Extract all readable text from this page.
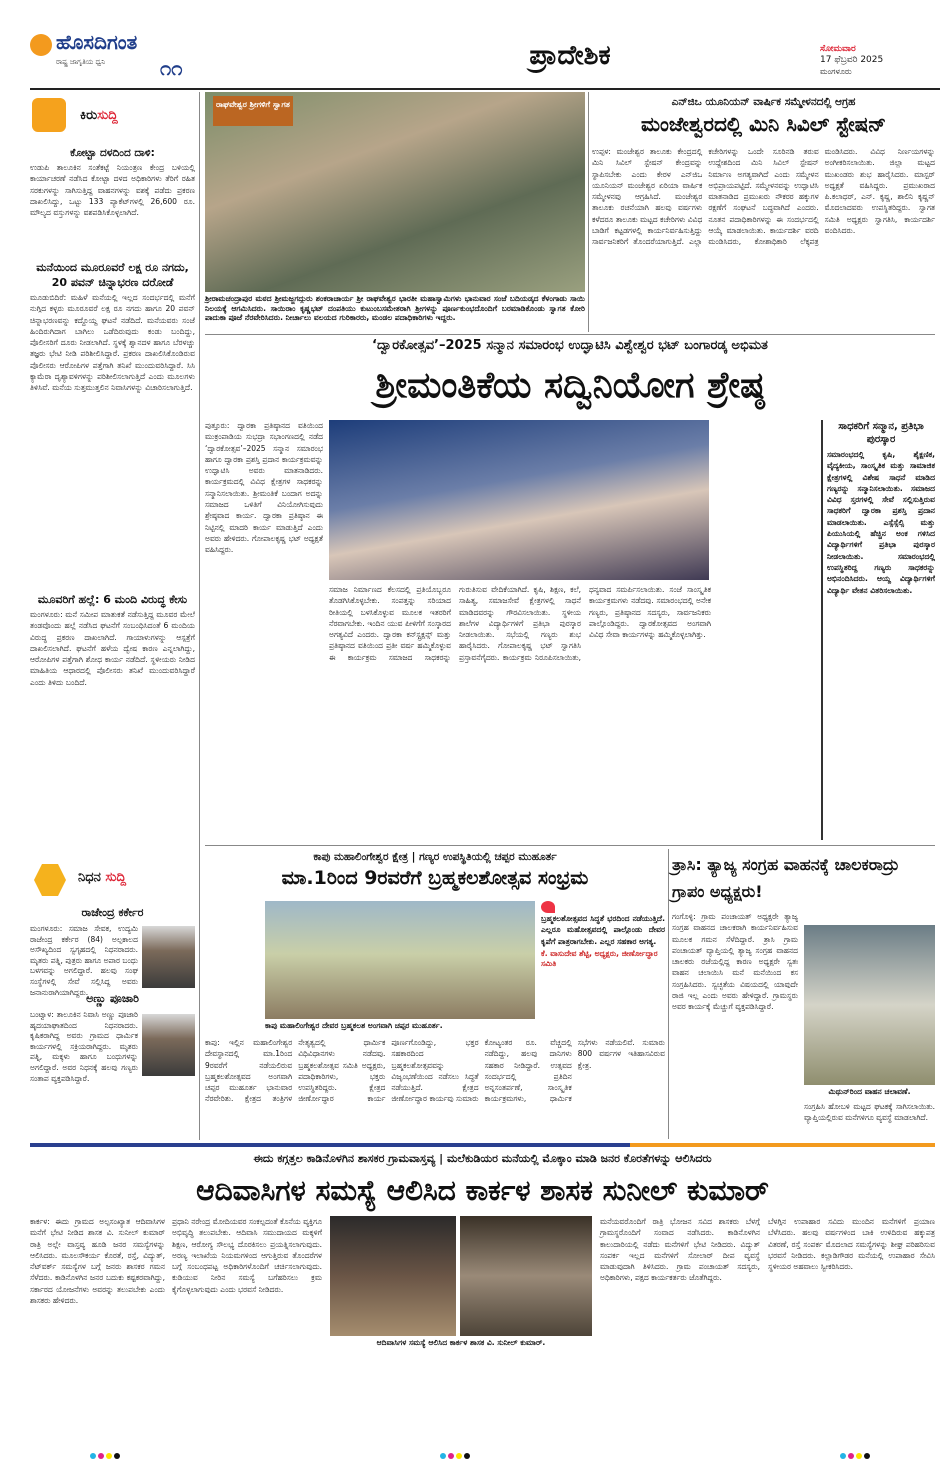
ಹೊಸದಿಗಂತ
ರಾಷ್ಟ್ರ ಜಾಗೃತಿಯ ಧ್ವನಿ	೧೧	ಪ್ರಾದೇಶಿಕ	ಸೋಮವಾರ
17 ಫೆಬ್ರವರಿ 2025
ಮಂಗಳೂರು
ಕಿರುಸುದ್ದಿ
ಕೋಟ್ಟಾ ದಳದಿಂದ ದಾಳಿ:
ಉಡುಪಿ ತಾಲೂಕಿನ ಸಂತೆಕಟ್ಟೆ ನಿಯಂತ್ರಣ ಕೇಂದ್ರ ಬಳಿಯಲ್ಲಿ ಕಾರ್ಯಾಚರಣೆ ನಡೆಸಿದ ಕೋಟ್ಟಾ ದಳದ ಅಧಿಕಾರಿಗಳು ತೆರಿಗೆ ರಹಿತ ಸರಕುಗಳನ್ನು ಸಾಗಿಸುತ್ತಿದ್ದ ವಾಹನಗಳನ್ನು ವಶಕ್ಕೆ ಪಡೆದು ಪ್ರಕರಣ ದಾಖಲಿಸಿದ್ದು, ಒಟ್ಟು 133 ಪ್ಯಾಕೆಟ್‌ಗಳಲ್ಲಿ 26,600 ರೂ. ಮೌಲ್ಯದ ವಸ್ತುಗಳನ್ನು ವಶಪಡಿಸಿಕೊಳ್ಳಲಾಗಿದೆ.
ಮನೆಯಿಂದ ಮೂರೂವರೆ ಲಕ್ಷ ರೂ ನಗದು, 20 ಪವನ್ ಚಿನ್ನಾಭರಣ ದರೋಡೆ
ಮೂಡುಬಿದಿರೆ: ಮಹಿಳೆ ಮನೆಯಲ್ಲಿ ಇಲ್ಲದ ಸಂದರ್ಭದಲ್ಲಿ ಮನೆಗೆ ನುಗ್ಗಿದ ಕಳ್ಳರು ಮೂರೂವರೆ ಲಕ್ಷ ರೂ ನಗದು ಹಾಗೂ 20 ಪವನ್ ಚಿನ್ನಾಭರಣವನ್ನು ಕದ್ದೊಯ್ದ ಘಟನೆ ನಡೆದಿದೆ. ಮನೆಯವರು ಸಂಜೆ ಹಿಂದಿರುಗಿದಾಗ ಬಾಗಿಲು ಒಡೆದಿರುವುದು ಕಂಡು ಬಂದಿದ್ದು, ಪೊಲೀಸರಿಗೆ ದೂರು ನೀಡಲಾಗಿದೆ. ಸ್ಥಳಕ್ಕೆ ಶ್ವಾನದಳ ಹಾಗೂ ಬೆರಳಚ್ಚು ತಜ್ಞರು ಭೇಟಿ ನೀಡಿ ಪರಿಶೀಲಿಸಿದ್ದಾರೆ. ಪ್ರಕರಣ ದಾಖಲಿಸಿಕೊಂಡಿರುವ ಪೊಲೀಸರು ಆರೋಪಿಗಳ ಪತ್ತೆಗಾಗಿ ತನಿಖೆ ಮುಂದುವರಿಸಿದ್ದಾರೆ. ಸಿಸಿ ಕ್ಯಾಮೆರಾ ದೃಶ್ಯಾವಳಿಗಳನ್ನು ಪರಿಶೀಲಿಸಲಾಗುತ್ತಿದೆ ಎಂದು ಮೂಲಗಳು ತಿಳಿಸಿವೆ. ಮನೆಯ ಸುತ್ತಮುತ್ತಲಿನ ನಿವಾಸಿಗಳನ್ನು ವಿಚಾರಿಸಲಾಗುತ್ತಿದೆ.
ಮೂವರಿಗೆ ಹಲ್ಲೆ: 6 ಮಂದಿ ವಿರುದ್ಧ ಕೇಸು
ಮಂಗಳೂರು: ಮನೆ ಸಮೀಪ ಮಾತುಕತೆ ನಡೆಸುತ್ತಿದ್ದ ಮೂವರ ಮೇಲೆ ತಂಡವೊಂದು ಹಲ್ಲೆ ನಡೆಸಿದ ಘಟನೆಗೆ ಸಂಬಂಧಿಸಿದಂತೆ 6 ಮಂದಿಯ ವಿರುದ್ಧ ಪ್ರಕರಣ ದಾಖಲಾಗಿದೆ. ಗಾಯಾಳುಗಳನ್ನು ಆಸ್ಪತ್ರೆಗೆ ದಾಖಲಿಸಲಾಗಿದೆ. ಘಟನೆಗೆ ಹಳೆಯ ದ್ವೇಷ ಕಾರಣ ಎನ್ನಲಾಗಿದ್ದು, ಆರೋಪಿಗಳ ಪತ್ತೆಗಾಗಿ ಶೋಧ ಕಾರ್ಯ ನಡೆದಿದೆ. ಸ್ಥಳೀಯರು ನೀಡಿದ ಮಾಹಿತಿಯ ಆಧಾರದಲ್ಲಿ ಪೊಲೀಸರು ತನಿಖೆ ಮುಂದುವರಿಸಿದ್ದಾರೆ ಎಂದು ತಿಳಿದು ಬಂದಿದೆ.
ನಿಧನ ಸುದ್ದಿ
ರಾಜೇಂದ್ರ ಕರ್ಕೇರ
ಮಂಗಳೂರು: ಸಮಾಜ ಸೇವಕ, ಉದ್ಯಮಿ ರಾಜೇಂದ್ರ ಕರ್ಕೇರ (84) ಅಲ್ಪಕಾಲದ ಅಸೌಖ್ಯದಿಂದ ಸ್ವಗೃಹದಲ್ಲಿ ನಿಧನರಾದರು. ಮೃತರು ಪತ್ನಿ, ಪುತ್ರರು ಹಾಗೂ ಅಪಾರ ಬಂಧು ಬಳಗವನ್ನು ಅಗಲಿದ್ದಾರೆ. ಹಲವು ಸಂಘ ಸಂಸ್ಥೆಗಳಲ್ಲಿ ಸೇವೆ ಸಲ್ಲಿಸಿದ್ದ ಅವರು ಜನಾನುರಾಗಿಯಾಗಿದ್ದರು.
ಅಣ್ಣು ಪೂಜಾರಿ
ಬಂಟ್ವಾಳ: ತಾಲೂಕಿನ ನಿವಾಸಿ ಅಣ್ಣು ಪೂಜಾರಿ ಹೃದಯಾಘಾತದಿಂದ ನಿಧನರಾದರು. ಕೃಷಿಕರಾಗಿದ್ದ ಅವರು ಗ್ರಾಮದ ಧಾರ್ಮಿಕ ಕಾರ್ಯಗಳಲ್ಲಿ ಸಕ್ರಿಯರಾಗಿದ್ದರು. ಮೃತರು ಪತ್ನಿ, ಮಕ್ಕಳು ಹಾಗೂ ಬಂಧುಗಳನ್ನು ಅಗಲಿದ್ದಾರೆ. ಅವರ ನಿಧನಕ್ಕೆ ಹಲವು ಗಣ್ಯರು ಸಂತಾಪ ವ್ಯಕ್ತಪಡಿಸಿದ್ದಾರೆ.
ರಾಘವೇಶ್ವರ ಶ್ರೀಗಳಿಗೆ ಸ್ವಾಗತ
ಶ್ರೀರಾಮಚಂದ್ರಾಪುರ ಮಠದ ಶ್ರೀಮಜ್ಜಗದ್ಗುರು ಶಂಕರಾಚಾರ್ಯ ಶ್ರೀ ರಾಘವೇಶ್ವರ ಭಾರತೀ ಮಹಾಸ್ವಾಮಿಗಳು ಭಾನುವಾರ ಸಂಜೆ ಬದಿಯಡ್ಕದ ಕೆಳಂಗಾಡು ಸಾಯಿ ನಿಲಯಕ್ಕೆ ಆಗಮಿಸಿದರು. ಸಾಯಿರಾಂ ಕೃಷ್ಣಭಟ್ ದಂಪತಿಯು ಕುಟುಂಬಸಮೇತರಾಗಿ ಶ್ರೀಗಳನ್ನು ಪೂರ್ಣಕುಂಭದೊಂದಿಗೆ ಬರಮಾಡಿಕೊಂಡು ಸ್ವಾಗತ ಕೋರಿ ಪಾದುಕಾ ಪೂಜೆ ನೆರವೇರಿಸಿದರು. ನೀರ್ಚಾಲು ವಲಯದ ಗುರಿಕಾರರು, ಮಂಡಲ ಪದಾಧಿಕಾರಿಗಳು ಇದ್ದರು.
ಎನ್‌ಜಿಒ ಯೂನಿಯನ್ ವಾರ್ಷಿಕ ಸಮ್ಮೇಳನದಲ್ಲಿ ಆಗ್ರಹ
ಮಂಜೇಶ್ವರದಲ್ಲಿ ಮಿನಿ ಸಿವಿಲ್ ಸ್ಟೇಷನ್
ಉಪ್ಪಳ: ಮಂಜೇಶ್ವರ ತಾಲೂಕು ಕೇಂದ್ರದಲ್ಲಿ ಮಿನಿ ಸಿವಿಲ್ ಸ್ಟೇಷನ್ ಕೇಂದ್ರವನ್ನು ಸ್ಥಾಪಿಸಬೇಕು ಎಂದು ಕೇರಳ ಎನ್‌ಜಿಒ ಯೂನಿಯನ್ ಮಂಜೇಶ್ವರ ಏರಿಯಾ ವಾರ್ಷಿಕ ಸಮ್ಮೇಳನವು ಆಗ್ರಹಿಸಿದೆ. ಮಂಜೇಶ್ವರ ತಾಲೂಕು ರಚನೆಯಾಗಿ ಹಲವು ವರ್ಷಗಳು ಕಳೆದರೂ ತಾಲೂಕು ಮಟ್ಟದ ಕಚೇರಿಗಳು ವಿವಿಧ ಬಾಡಿಗೆ ಕಟ್ಟಡಗಳಲ್ಲಿ ಕಾರ್ಯನಿರ್ವಹಿಸುತ್ತಿದ್ದು ಸಾರ್ವಜನಿಕರಿಗೆ ತೊಂದರೆಯಾಗುತ್ತಿದೆ. ಎಲ್ಲಾ ಕಚೇರಿಗಳನ್ನು ಒಂದೇ ಸೂರಿನಡಿ ತರುವ ಉದ್ದೇಶದಿಂದ ಮಿನಿ ಸಿವಿಲ್ ಸ್ಟೇಷನ್ ನಿರ್ಮಾಣ ಅಗತ್ಯವಾಗಿದೆ ಎಂದು ಸಮ್ಮೇಳನ ಅಭಿಪ್ರಾಯಪಟ್ಟಿದೆ. ಸಮ್ಮೇಳನವನ್ನು ಉದ್ಘಾಟಿಸಿ ಮಾತನಾಡಿದ ಪ್ರಮುಖರು ನೌಕರರ ಹಕ್ಕುಗಳ ರಕ್ಷಣೆಗೆ ಸಂಘಟನೆ ಬದ್ಧವಾಗಿದೆ ಎಂದರು. ನೂತನ ಪದಾಧಿಕಾರಿಗಳನ್ನು ಈ ಸಂದರ್ಭದಲ್ಲಿ ಆಯ್ಕೆ ಮಾಡಲಾಯಿತು. ಕಾರ್ಯದರ್ಶಿ ವರದಿ ಮಂಡಿಸಿದರು, ಕೋಶಾಧಿಕಾರಿ ಲೆಕ್ಕಪತ್ರ ಮಂಡಿಸಿದರು. ವಿವಿಧ ನಿರ್ಣಯಗಳನ್ನು ಅಂಗೀಕರಿಸಲಾಯಿತು. ಜಿಲ್ಲಾ ಮಟ್ಟದ ಮುಖಂಡರು ಶುಭ ಹಾರೈಸಿದರು. ಮಾಸ್ಟರ್ ಅಧ್ಯಕ್ಷತೆ ವಹಿಸಿದ್ದರು. ಪ್ರಮುಖರಾದ ಪಿ.ಕಲಾಧರ್, ಎನ್. ಕೃಷ್ಣ, ಶಾಲಿನಿ ಕೃಷ್ಣನ್ ಮೊದಲಾದವರು ಉಪಸ್ಥಿತರಿದ್ದರು. ಸ್ವಾಗತ ಸಮಿತಿ ಅಧ್ಯಕ್ಷರು ಸ್ವಾಗತಿಸಿ, ಕಾರ್ಯದರ್ಶಿ ವಂದಿಸಿದರು.
‘ದ್ವಾರಕೋತ್ಸವ’–2025 ಸನ್ಮಾನ ಸಮಾರಂಭ ಉದ್ಘಾಟಿಸಿ ವಿಶ್ವೇಶ್ವರ ಭಟ್ ಬಂಗಾರಡ್ಕ ಅಭಿಮತ
ಶ್ರೀಮಂತಿಕೆಯ ಸದ್ವಿನಿಯೋಗ ಶ್ರೇಷ್ಠ
ಪುತ್ತೂರು: ದ್ವಾರಕಾ ಪ್ರತಿಷ್ಠಾನದ ವತಿಯಿಂದ ಮುಕ್ರಂಪಾಡಿಯ ಸುಭದ್ರಾ ಸಭಾಂಗಣದಲ್ಲಿ ನಡೆದ ‘ದ್ವಾರಕೋತ್ಸವ’–2025 ಸನ್ಮಾನ ಸಮಾರಂಭ ಹಾಗೂ ದ್ವಾರಕಾ ಪ್ರಶಸ್ತಿ ಪ್ರದಾನ ಕಾರ್ಯಕ್ರಮವನ್ನು ಉದ್ಘಾಟಿಸಿ ಅವರು ಮಾತನಾಡಿದರು. ಕಾರ್ಯಕ್ರಮದಲ್ಲಿ ವಿವಿಧ ಕ್ಷೇತ್ರಗಳ ಸಾಧಕರನ್ನು ಸನ್ಮಾನಿಸಲಾಯಿತು. ಶ್ರೀಮಂತಿಕೆ ಬಂದಾಗ ಅದನ್ನು ಸಮಾಜದ ಒಳಿತಿಗೆ ವಿನಿಯೋಗಿಸುವುದು ಶ್ರೇಷ್ಠವಾದ ಕಾರ್ಯ. ದ್ವಾರಕಾ ಪ್ರತಿಷ್ಠಾನ ಈ ನಿಟ್ಟಿನಲ್ಲಿ ಮಾದರಿ ಕಾರ್ಯ ಮಾಡುತ್ತಿದೆ ಎಂದು ಅವರು ಹೇಳಿದರು. ಗೋಪಾಲಕೃಷ್ಣ ಭಟ್ ಅಧ್ಯಕ್ಷತೆ ವಹಿಸಿದ್ದರು.
ಸಮಾಜ ನಿರ್ಮಾಣದ ಕೆಲಸದಲ್ಲಿ ಪ್ರತಿಯೊಬ್ಬರೂ ತೊಡಗಿಸಿಕೊಳ್ಳಬೇಕು. ಸಂಪತ್ತನ್ನು ಸರಿಯಾದ ರೀತಿಯಲ್ಲಿ ಬಳಸಿಕೊಳ್ಳುವ ಮೂಲಕ ಇತರರಿಗೆ ನೆರವಾಗಬೇಕು. ಇಂದಿನ ಯುವ ಪೀಳಿಗೆಗೆ ಸಂಸ್ಕಾರದ ಅಗತ್ಯವಿದೆ ಎಂದರು. ದ್ವಾರಕಾ ಕನ್‌ಸ್ಟ್ರಕ್ಷನ್ಸ್ ಮತ್ತು ಪ್ರತಿಷ್ಠಾನದ ವತಿಯಿಂದ ಪ್ರತೀ ವರ್ಷ ಹಮ್ಮಿಕೊಳ್ಳುವ ಈ ಕಾರ್ಯಕ್ರಮ ಸಮಾಜದ ಸಾಧಕರನ್ನು ಗುರುತಿಸುವ ವೇದಿಕೆಯಾಗಿದೆ. ಕೃಷಿ, ಶಿಕ್ಷಣ, ಕಲೆ, ಸಾಹಿತ್ಯ, ಸಮಾಜಸೇವೆ ಕ್ಷೇತ್ರಗಳಲ್ಲಿ ಸಾಧನೆ ಮಾಡಿದವರನ್ನು ಗೌರವಿಸಲಾಯಿತು. ಸ್ಥಳೀಯ ಶಾಲೆಗಳ ವಿದ್ಯಾರ್ಥಿಗಳಿಗೆ ಪ್ರತಿಭಾ ಪುರಸ್ಕಾರ ನೀಡಲಾಯಿತು. ಸಭೆಯಲ್ಲಿ ಗಣ್ಯರು ಶುಭ ಹಾರೈಸಿದರು. ಗೋಪಾಲಕೃಷ್ಣ ಭಟ್ ಸ್ವಾಗತಿಸಿ ಪ್ರಸ್ತಾವನೆಗೈದರು. ಕಾರ್ಯಕ್ರಮ ನಿರೂಪಿಸಲಾಯಿತು, ಧನ್ಯವಾದ ಸಮರ್ಪಿಸಲಾಯಿತು. ಸಂಜೆ ಸಾಂಸ್ಕೃತಿಕ ಕಾರ್ಯಕ್ರಮಗಳು ನಡೆದವು. ಸಮಾರಂಭದಲ್ಲಿ ಅನೇಕ ಗಣ್ಯರು, ಪ್ರತಿಷ್ಠಾನದ ಸದಸ್ಯರು, ಸಾರ್ವಜನಿಕರು ಪಾಲ್ಗೊಂಡಿದ್ದರು. ದ್ವಾರಕೋತ್ಸವದ ಅಂಗವಾಗಿ ವಿವಿಧ ಸೇವಾ ಕಾರ್ಯಗಳನ್ನು ಹಮ್ಮಿಕೊಳ್ಳಲಾಗಿತ್ತು.
ಸಾಧಕರಿಗೆ ಸನ್ಮಾನ, ಪ್ರತಿಭಾ ಪುರಸ್ಕಾರ
ಸಮಾರಂಭದಲ್ಲಿ ಕೃಷಿ, ಶೈಕ್ಷಣಿಕ, ವೈದ್ಯಕೀಯ, ಸಾಂಸ್ಕೃತಿಕ ಮತ್ತು ಸಾಮಾಜಿಕ ಕ್ಷೇತ್ರಗಳಲ್ಲಿ ವಿಶೇಷ ಸಾಧನೆ ಮಾಡಿದ ಗಣ್ಯರನ್ನು ಸನ್ಮಾನಿಸಲಾಯಿತು. ಸಮಾಜದ ವಿವಿಧ ಸ್ತರಗಳಲ್ಲಿ ಸೇವೆ ಸಲ್ಲಿಸುತ್ತಿರುವ ಸಾಧಕರಿಗೆ ದ್ವಾರಕಾ ಪ್ರಶಸ್ತಿ ಪ್ರದಾನ ಮಾಡಲಾಯಿತು. ಎಸ್ಸೆಸ್ಸೆಲ್ಸಿ ಮತ್ತು ಪಿಯುಸಿಯಲ್ಲಿ ಹೆಚ್ಚಿನ ಅಂಕ ಗಳಿಸಿದ ವಿದ್ಯಾರ್ಥಿಗಳಿಗೆ ಪ್ರತಿಭಾ ಪುರಸ್ಕಾರ ನೀಡಲಾಯಿತು. ಸಮಾರಂಭದಲ್ಲಿ ಉಪಸ್ಥಿತರಿದ್ದ ಗಣ್ಯರು ಸಾಧಕರನ್ನು ಅಭಿನಂದಿಸಿದರು. ಆಯ್ದ ವಿದ್ಯಾರ್ಥಿಗಳಿಗೆ ವಿದ್ಯಾರ್ಥಿ ವೇತನ ವಿತರಿಸಲಾಯಿತು.
ಕಾಪು ಮಹಾಲಿಂಗೇಶ್ವರ ಕ್ಷೇತ್ರ | ಗಣ್ಯರ ಉಪಸ್ಥಿತಿಯಲ್ಲಿ ಚಪ್ಪರ ಮುಹೂರ್ತ
ಮಾ.1ರಿಂದ 9ರವರೆಗೆ ಬ್ರಹ್ಮಕಲಶೋತ್ಸವ ಸಂಭ್ರಮ
ಕಾಪು ಮಹಾಲಿಂಗೇಶ್ವರ ದೇವರ ಬ್ರಹ್ಮಕಲಶ ಅಂಗವಾಗಿ ಚಪ್ಪರ ಮುಹೂರ್ತ.
ಕಾಪು: ಇಲ್ಲಿನ ಮಹಾಲಿಂಗೇಶ್ವರ ದೇವಸ್ಥಾನದಲ್ಲಿ ಮಾ.1ರಿಂದ 9ರವರೆಗೆ ನಡೆಯಲಿರುವ ಬ್ರಹ್ಮಕಲಶೋತ್ಸವದ ಅಂಗವಾಗಿ ಚಪ್ಪರ ಮುಹೂರ್ತ ಭಾನುವಾರ ನೆರವೇರಿತು. ಕ್ಷೇತ್ರದ ತಂತ್ರಿಗಳ ನೇತೃತ್ವದಲ್ಲಿ ಧಾರ್ಮಿಕ ವಿಧಿವಿಧಾನಗಳು ನಡೆದವು. ಬ್ರಹ್ಮಕಲಶೋತ್ಸವ ಸಮಿತಿ ಅಧ್ಯಕ್ಷರು, ಪದಾಧಿಕಾರಿಗಳು, ಭಕ್ತರು ಉಪಸ್ಥಿತರಿದ್ದರು. ಕ್ಷೇತ್ರದ ಜೀರ್ಣೋದ್ಧಾರ ಕಾರ್ಯ ಪೂರ್ಣಗೊಂಡಿದ್ದು, ಭಕ್ತರ ಸಹಕಾರದಿಂದ ಬ್ರಹ್ಮಕಲಶೋತ್ಸವವನ್ನು ವಿಜೃಂಭಣೆಯಿಂದ ನಡೆಸಲು ಸಿದ್ಧತೆ ನಡೆಯುತ್ತಿದೆ. ಕ್ಷೇತ್ರದ ಜೀರ್ಣೋದ್ಧಾರ ಕಾರ್ಯವು ಸುಮಾರು ಕೋಟ್ಯಂತರ ರೂ. ವೆಚ್ಚದಲ್ಲಿ ನಡೆದಿದ್ದು, ಹಲವು ದಾನಿಗಳು ಸಹಕಾರ ನೀಡಿದ್ದಾರೆ. ಉತ್ಸವದ ಸಂದರ್ಭದಲ್ಲಿ ಪ್ರತಿದಿನ ಅನ್ನಸಂತರ್ಪಣೆ, ಸಾಂಸ್ಕೃತಿಕ ಕಾರ್ಯಕ್ರಮಗಳು, ಧಾರ್ಮಿಕ ಸಭೆಗಳು ನಡೆಯಲಿವೆ. ಸುಮಾರು 800 ವರ್ಷಗಳ ಇತಿಹಾಸವಿರುವ ಕ್ಷೇತ್ರ.
ಬ್ರಹ್ಮಕಲಶೋತ್ಸವದ ಸಿದ್ಧತೆ ಭರದಿಂದ ನಡೆಯುತ್ತಿದೆ. ಎಲ್ಲರೂ ಮಹೋತ್ಸವದಲ್ಲಿ ಪಾಲ್ಗೊಂಡು ದೇವರ ಕೃಪೆಗೆ ಪಾತ್ರರಾಗಬೇಕು. ಎಲ್ಲರ ಸಹಕಾರ ಅಗತ್ಯ.
ಕೆ. ವಾಸುದೇವ ಶೆಟ್ಟಿ, ಅಧ್ಯಕ್ಷರು, ಜೀರ್ಣೋದ್ಧಾರ ಸಮಿತಿ
ತ್ರಾಸಿ: ತ್ಯಾಜ್ಯ ಸಂಗ್ರಹ ವಾಹನಕ್ಕೆ ಚಾಲಕರಾದ್ರು ಗ್ರಾಪಂ ಅಧ್ಯಕ್ಷರು!
ಗಂಗೊಳ್ಳಿ: ಗ್ರಾಮ ಪಂಚಾಯತ್ ಅಧ್ಯಕ್ಷರೇ ತ್ಯಾಜ್ಯ ಸಂಗ್ರಹ ವಾಹನದ ಚಾಲಕರಾಗಿ ಕಾರ್ಯನಿರ್ವಹಿಸುವ ಮೂಲಕ ಗಮನ ಸೆಳೆದಿದ್ದಾರೆ. ತ್ರಾಸಿ ಗ್ರಾಮ ಪಂಚಾಯತ್ ವ್ಯಾಪ್ತಿಯಲ್ಲಿ ತ್ಯಾಜ್ಯ ಸಂಗ್ರಹ ವಾಹನದ ಚಾಲಕರು ರಜೆಯಲ್ಲಿದ್ದ ಕಾರಣ ಅಧ್ಯಕ್ಷರೇ ಸ್ವತಃ ವಾಹನ ಚಲಾಯಿಸಿ ಮನೆ ಮನೆಯಿಂದ ಕಸ ಸಂಗ್ರಹಿಸಿದರು. ಸ್ವಚ್ಛತೆಯ ವಿಷಯದಲ್ಲಿ ಯಾವುದೇ ರಾಜಿ ಇಲ್ಲ ಎಂದು ಅವರು ಹೇಳಿದ್ದಾರೆ. ಗ್ರಾಮಸ್ಥರು ಅವರ ಕಾರ್ಯಕ್ಕೆ ಮೆಚ್ಚುಗೆ ವ್ಯಕ್ತಪಡಿಸಿದ್ದಾರೆ.
ಮಿಥುನ್‌ರಿಂದ ವಾಹನ ಚಲಾವಣೆ.
ಸಂಗ್ರಹಿಸಿ ಹೋಬಳಿ ಮಟ್ಟದ ಘಟಕಕ್ಕೆ ಸಾಗಿಸಲಾಯಿತು. ವ್ಯಾಪ್ತಿಯಲ್ಲಿರುವ ಮನೆಗಳಿಗೂ ವ್ಯವಸ್ಥೆ ಮಾಡಲಾಗಿದೆ.
ಈದು ಕಗ್ಗತ್ತಲ ಕಾಡಿನೊಳಗಿನ ಶಾಸಕರ ಗ್ರಾಮವಾಸ್ತವ್ಯ | ಮಲೆಕುಡಿಯರ ಮನೆಯಲ್ಲಿ ಮೊಕ್ಕಾಂ ಮಾಡಿ ಜನರ ಕೊರತೆಗಳನ್ನು ಆಲಿಸಿದರು
ಆದಿವಾಸಿಗಳ ಸಮಸ್ಯೆ ಆಲಿಸಿದ ಕಾರ್ಕಳ ಶಾಸಕ ಸುನೀಲ್ ಕುಮಾರ್
ಕಾರ್ಕಳ: ಈದು ಗ್ರಾಮದ ಅಲ್ಪಸಂಖ್ಯಾತ ಆದಿವಾಸಿಗಳ ಮನೆಗೆ ಭೇಟಿ ನೀಡಿದ ಶಾಸಕ ವಿ. ಸುನೀಲ್ ಕುಮಾರ್ ರಾತ್ರಿ ಅಲ್ಲೇ ವಾಸ್ತವ್ಯ ಹೂಡಿ ಜನರ ಸಮಸ್ಯೆಗಳನ್ನು ಆಲಿಸಿದರು. ಮೂಲಸೌಕರ್ಯ ಕೊರತೆ, ರಸ್ತೆ, ವಿದ್ಯುತ್, ನೆಟ್‌ವರ್ಕ್ ಸಮಸ್ಯೆಗಳ ಬಗ್ಗೆ ಜನರು ಶಾಸಕರ ಗಮನ ಸೆಳೆದರು. ಕಾಡಿನೊಳಗಿನ ಜನರ ಬದುಕು ಕಷ್ಟಕರವಾಗಿದ್ದು, ಸರ್ಕಾರದ ಯೋಜನೆಗಳು ಅವರನ್ನು ತಲುಪಬೇಕು ಎಂದು ಶಾಸಕರು ಹೇಳಿದರು.
ಪ್ರಧಾನಿ ನರೇಂದ್ರ ಮೋದಿಯವರ ಸಂಕಲ್ಪದಂತೆ ಕೊನೆಯ ವ್ಯಕ್ತಿಗೂ ಅಭಿವೃದ್ಧಿ ತಲುಪಬೇಕು. ಆದಿವಾಸಿ ಸಮುದಾಯದ ಮಕ್ಕಳಿಗೆ ಶಿಕ್ಷಣ, ಆರೋಗ್ಯ ಸೌಲಭ್ಯ ದೊರಕಿಸಲು ಪ್ರಯತ್ನಿಸಲಾಗುವುದು. ಅರಣ್ಯ ಇಲಾಖೆಯ ನಿಯಮಗಳಿಂದ ಆಗುತ್ತಿರುವ ತೊಂದರೆಗಳ ಬಗ್ಗೆ ಸಂಬಂಧಪಟ್ಟ ಅಧಿಕಾರಿಗಳೊಂದಿಗೆ ಚರ್ಚಿಸಲಾಗುವುದು. ಕುಡಿಯುವ ನೀರಿನ ಸಮಸ್ಯೆ ಬಗೆಹರಿಸಲು ಕ್ರಮ ಕೈಗೊಳ್ಳಲಾಗುವುದು ಎಂದು ಭರವಸೆ ನೀಡಿದರು.
ಆದಿವಾಸಿಗಳ ಸಮಸ್ಯೆ ಆಲಿಸಿದ ಕಾರ್ಕಳ ಶಾಸಕ ವಿ. ಸುನೀಲ್ ಕುಮಾರ್.
ಮನೆಯವರೊಂದಿಗೆ ರಾತ್ರಿ ಭೋಜನ ಸವಿದ ಶಾಸಕರು ಬೆಳಗ್ಗೆ ಗ್ರಾಮಸ್ಥರೊಂದಿಗೆ ಸಂವಾದ ನಡೆಸಿದರು. ಕಾಡಿನೊಳಗಿನ ಕಾಲುದಾರಿಯಲ್ಲಿ ನಡೆದು ಮನೆಗಳಿಗೆ ಭೇಟಿ ನೀಡಿದರು. ವಿದ್ಯುತ್ ಸಂಪರ್ಕ ಇಲ್ಲದ ಮನೆಗಳಿಗೆ ಸೋಲಾರ್ ದೀಪ ವ್ಯವಸ್ಥೆ ಮಾಡುವುದಾಗಿ ತಿಳಿಸಿದರು. ಗ್ರಾಮ ಪಂಚಾಯತ್ ಸದಸ್ಯರು, ಅಧಿಕಾರಿಗಳು, ಪಕ್ಷದ ಕಾರ್ಯಕರ್ತರು ಜೊತೆಗಿದ್ದರು.
ಬೆಳಗ್ಗಿನ ಉಪಾಹಾರ ಸವಿದು ಮುಂದಿನ ಮನೆಗಳಿಗೆ ಪ್ರಯಾಣ ಬೆಳೆಸಿದರು. ಹಲವು ವರ್ಷಗಳಿಂದ ಬಾಕಿ ಉಳಿದಿರುವ ಹಕ್ಕುಪತ್ರ ವಿತರಣೆ, ರಸ್ತೆ ಸಂಪರ್ಕ ಮೊದಲಾದ ಸಮಸ್ಯೆಗಳನ್ನು ಶೀಘ್ರ ಪರಿಹರಿಸುವ ಭರವಸೆ ನೀಡಿದರು. ಕಲ್ಲಾಡಿಗೌಡರ ಮನೆಯಲ್ಲಿ ಉಪಾಹಾರ ಸೇವಿಸಿ ಸ್ಥಳೀಯರ ಅಹವಾಲು ಸ್ವೀಕರಿಸಿದರು.
